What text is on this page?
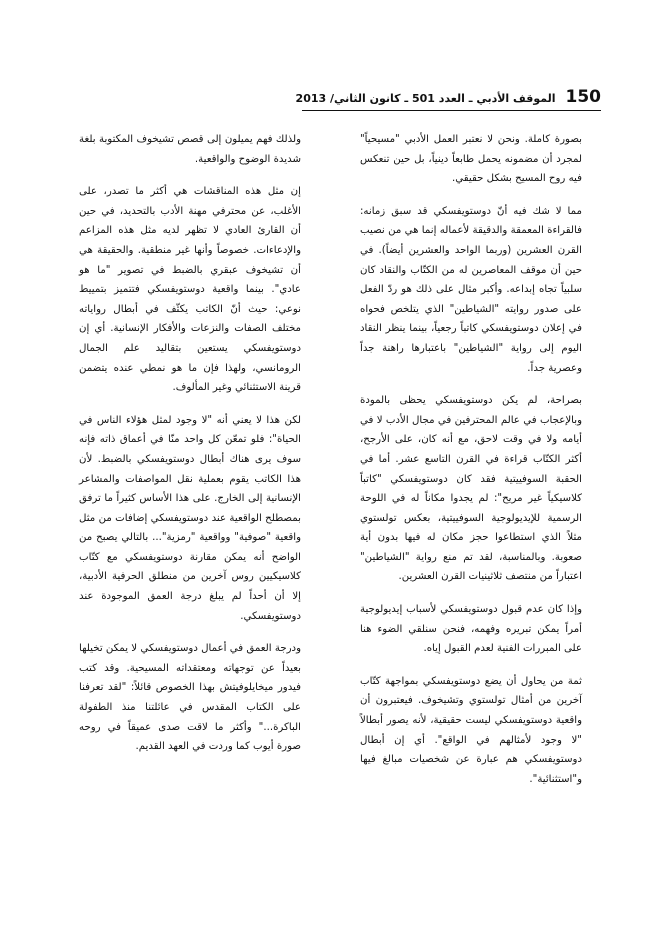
150
الموقف الأدبي ـ العدد 501 ـ كانون الثاني/ 2013

بصورة كاملة. ونحن لا نعتبر العمل الأدبي "مسيحياً" لمجرد أن مضمونه يحمل طابعاً دينياً، بل حين تنعكس فيه روح المسيح بشكل حقيقي.

مما لا شك فيه أنّ دوستويفسكي قد سبق زمانه: فالقراءة المعمقة والدقيقة لأعماله إنما هي من نصيب القرن العشرين (وربما الواحد والعشرين أيضاً). في حين أن موقف المعاصرين له من الكتّاب والنقاد كان سلبياً تجاه إبداعه. وأكبر مثال على ذلك هو ردّ الفعل على صدور روايته "الشياطين" الذي يتلخص فحواه في إعلان دوستويفسكي كاتباً رجعياً، بينما ينظر النقاد اليوم إلى رواية "الشياطين" باعتبارها راهنة جداً وعصرية جداً.

بصراحة، لم يكن دوستويفسكي يحظى بالمودة وبالإعجاب في عالم المحترفين في مجال الأدب لا في أيامه ولا في وقت لاحق، مع أنه كان، على الأرجح، أكثر الكتّاب قراءة في القرن التاسع عشر. أما في الحقبة السوفييتية فقد كان دوستويفسكي "كاتباً كلاسيكياً غير مريح": لم يجدوا مكاناً له في اللوحة الرسمية للإيديولوجية السوفييتية، بعكس تولستوي مثلاً الذي استطاعوا حجز مكان له فيها بدون أية صعوبة. وبالمناسبة، لقد تم منع رواية "الشياطين" اعتباراً من منتصف ثلاثينيات القرن العشرين.

وإذا كان عدم قبول دوستويفسكي لأسباب إيديولوجية أمراً يمكن تبريره وفهمه، فنحن سنلقي الضوء هنا على المبررات الفنية لعدم القبول إياه.

ثمة من يحاول أن يضع دوستويفسكي بمواجهة كتّاب آخرين من أمثال تولستوي وتشيخوف. فيعتبرون أن واقعية دوستويفسكي ليست حقيقية، لأنه يصور أبطالاً "لا وجود لأمثالهم في الواقع". أي إن أبطال دوستويفسكي هم عبارة عن شخصيات مبالغ فيها و"استثنائية".

ولذلك فهم يميلون إلى قصص تشيخوف المكتوبة بلغة شديدة الوضوح والواقعية.

إن مثل هذه المناقشات هي أكثر ما تصدر، على الأغلب، عن محترفي مهنة الأدب بالتحديد، في حين أن القارئ العادي لا تظهر لديه مثل هذه المزاعم والإدعاءات. خصوصاً وأنها غير منطقية. والحقيقة هي أن تشيخوف عبقري بالضبط في تصوير "ما هو عادي". بينما واقعية دوستويفسكي فتتميز بتمييط نوعي: حيث أنّ الكاتب يكثّف في أبطال رواياته مختلف الصفات والنزعات والأفكار الإنسانية. أي إن دوستويفسكي يستعين بتقاليد علم الجمال الرومانسي، ولهذا فإن ما هو نمطي عنده يتضمن قرينة الاستثنائي وغير المألوف.

لكن هذا لا يعني أنه "لا وجود لمثل هؤلاء الناس في الحياة": فلو تمعّن كل واحد منّا في أعماق ذاته فإنه سوف يرى هناك أبطال دوستويفسكي بالضبط. لأن هذا الكاتب يقوم بعملية نقل المواصفات والمشاعر الإنسانية إلى الخارج. على هذا الأساس كثيراً ما ترفق بمصطلح الواقعية عند دوستويفسكي إضافات من مثل واقعية "صوفية" وواقعية "رمزية"... بالتالي يصبح من الواضح أنه يمكن مقارنة دوستويفسكي مع كتّاب كلاسيكيين روس آخرين من منطلق الحرفية الأدبية، إلا أن أحداً لم يبلغ درجة العمق الموجودة عند دوستويفسكي.

ودرجة العمق في أعمال دوستويفسكي لا يمكن تخيلها بعيداً عن توجهاته ومعتقداته المسيحية. وقد كتب فيدور ميخايلوفيتش بهذا الخصوص قائلاً: "لقد تعرفنا على الكتاب المقدس في عائلتنا منذ الطفولة الباكرة..." وأكثر ما لاقت صدى عميقاً في روحه صورة أيوب كما وردت في العهد القديم.
